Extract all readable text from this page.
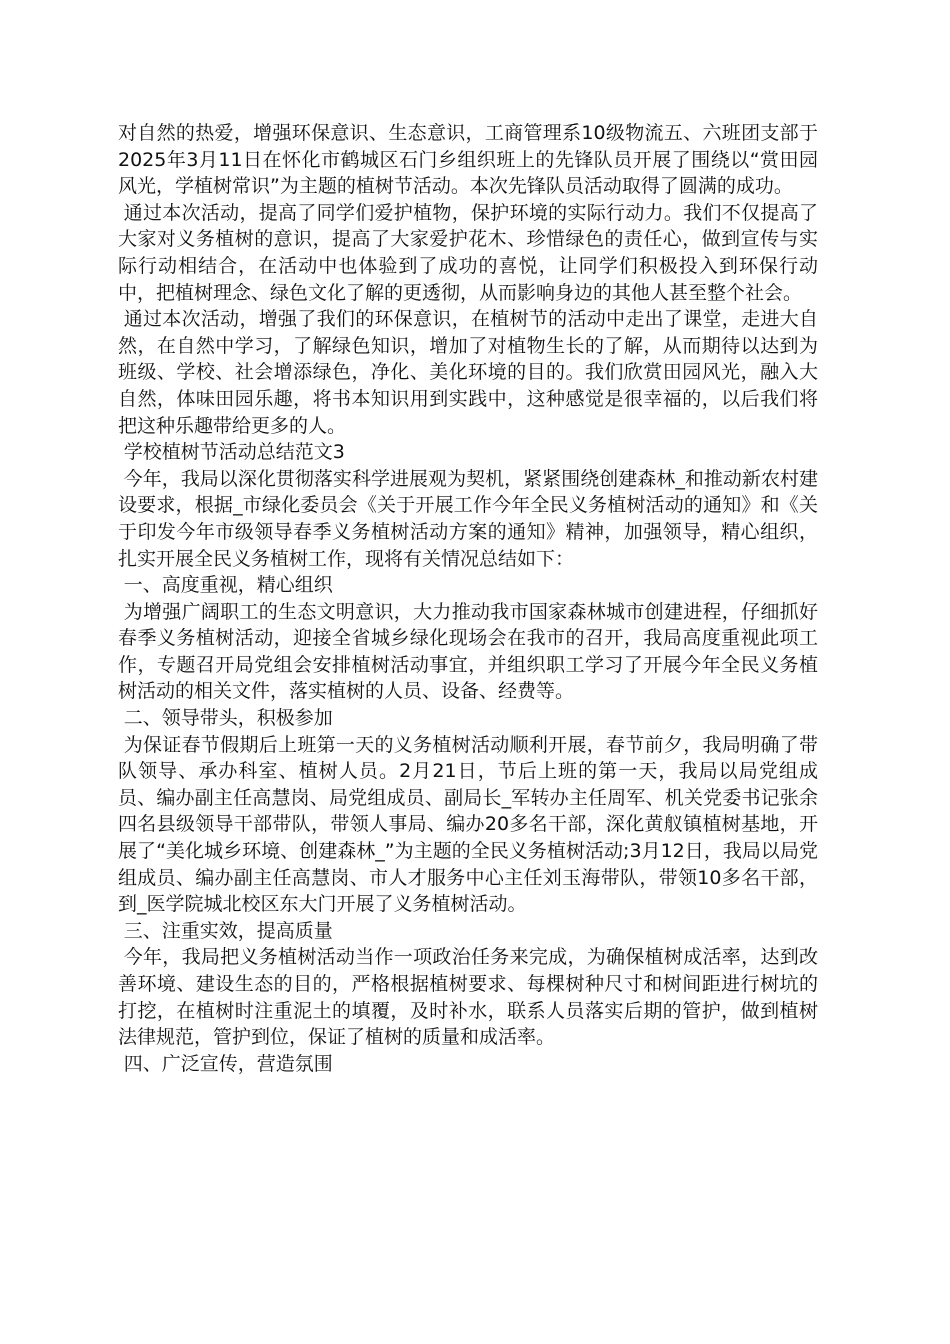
对自然的热爱，增强环保意识、生态意识，工商管理系10级物流五、六班团支部于2025年3月11日在怀化市鹤城区石门乡组织班上的先锋队员开展了围绕以“赏田园风光，学植树常识”为主题的植树节活动。本次先锋队员活动取得了圆满的成功。

通过本次活动，提高了同学们爱护植物，保护环境的实际行动力。我们不仅提高了大家对义务植树的意识，提高了大家爱护花木、珍惜绿色的责任心，做到宣传与实际行动相结合，在活动中也体验到了成功的喜悦，让同学们积极投入到环保行动中，把植树理念、绿色文化了解的更透彻，从而影响身边的其他人甚至整个社会。

通过本次活动，增强了我们的环保意识，在植树节的活动中走出了课堂，走进大自然，在自然中学习，了解绿色知识，增加了对植物生长的了解，从而期待以达到为班级、学校、社会增添绿色，净化、美化环境的目的。我们欣赏田园风光，融入大自然，体味田园乐趣，将书本知识用到实践中，这种感觉是很幸福的，以后我们将把这种乐趣带给更多的人。

学校植树节活动总结范文3

今年，我局以深化贯彻落实科学进展观为契机，紧紧围绕创建森林_和推动新农村建设要求，根据_市绿化委员会《关于开展工作今年全民义务植树活动的通知》和《关于印发今年市级领导春季义务植树活动方案的通知》精神，加强领导，精心组织，扎实开展全民义务植树工作，现将有关情况总结如下：

一、高度重视，精心组织

为增强广阔职工的生态文明意识，大力推动我市国家森林城市创建进程，仔细抓好春季义务植树活动，迎接全省城乡绿化现场会在我市的召开，我局高度重视此项工作，专题召开局党组会安排植树活动事宜，并组织职工学习了开展今年全民义务植树活动的相关文件，落实植树的人员、设备、经费等。

二、领导带头，积极参加

为保证春节假期后上班第一天的义务植树活动顺利开展，春节前夕，我局明确了带队领导、承办科室、植树人员。2月21日，节后上班的第一天，我局以局党组成员、编办副主任高慧岗、局党组成员、副局长_军转办主任周军、机关党委书记张余四名县级领导干部带队，带领人事局、编办20多名干部，深化黄舣镇植树基地，开展了“美化城乡环境、创建森林_”为主题的全民义务植树活动;3月12日，我局以局党组成员、编办副主任高慧岗、市人才服务中心主任刘玉海带队，带领10多名干部，到_医学院城北校区东大门开展了义务植树活动。

三、注重实效，提高质量

今年，我局把义务植树活动当作一项政治任务来完成，为确保植树成活率，达到改善环境、建设生态的目的，严格根据植树要求、每棵树种尺寸和树间距进行树坑的打挖，在植树时注重泥土的填覆，及时补水，联系人员落实后期的管护，做到植树法律规范，管护到位，保证了植树的质量和成活率。

四、广泛宣传，营造氛围
